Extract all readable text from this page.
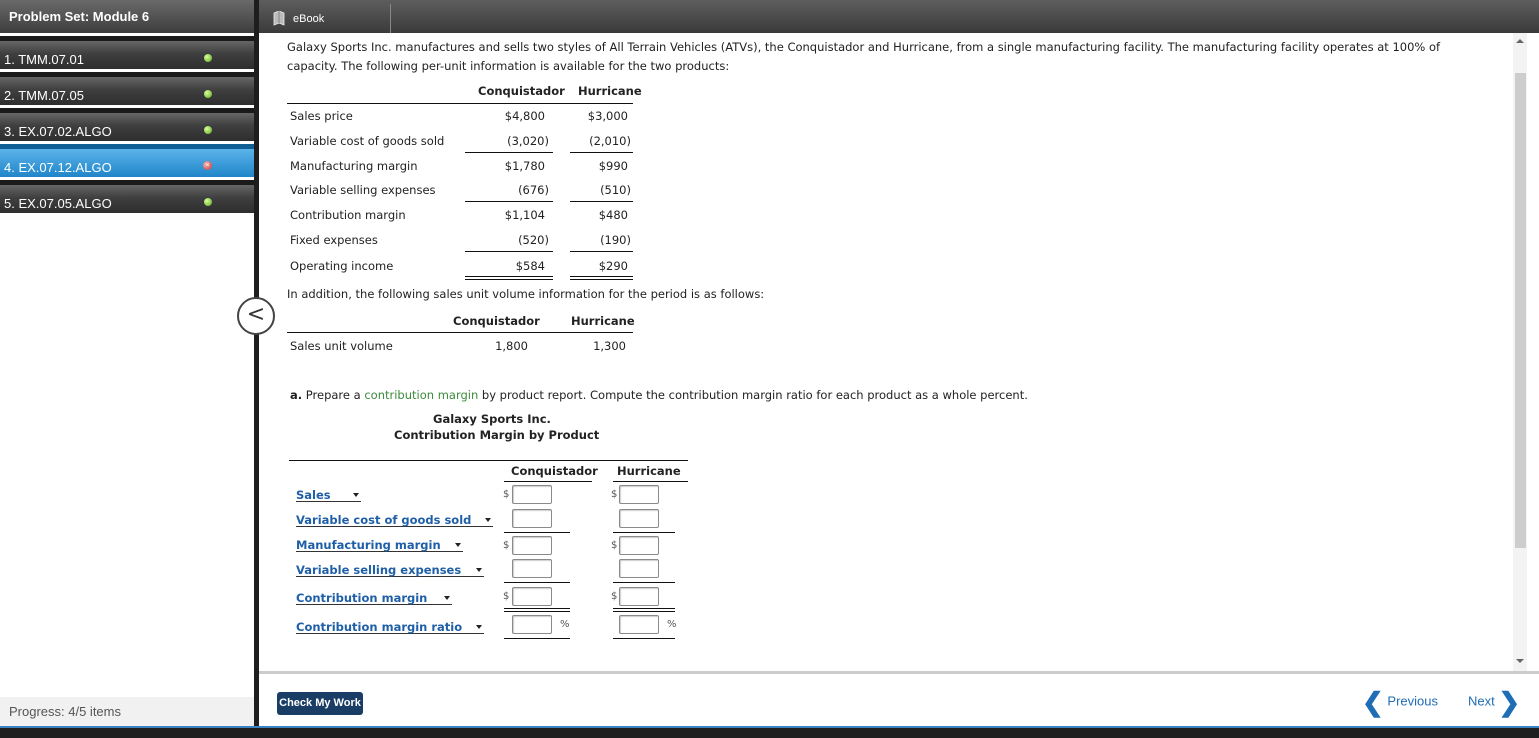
Problem Set: Module 6
1. TMM.07.01
2. TMM.07.05
3. EX.07.02.ALGO
4. EX.07.12.ALGO	×
5. EX.07.05.ALGO
Progress: 4/5 items
eBook
Galaxy Sports Inc. manufactures and sells two styles of All Terrain Vehicles (ATVs), the Conquistador and Hurricane, from a single manufacturing facility. The manufacturing facility operates at 100% of capacity. The following per-unit information is available for the two products:
Conquistador Hurricane
Sales price	$4,800	$3,000
Variable cost of goods sold	(3,020)	(2,010)
Manufacturing margin	$1,780	$990
Variable selling expenses	(676)	(510)
Contribution margin	$1,104	$480
Fixed expenses	(520)	(190)
Operating income	$584	$290
In addition, the following sales unit volume information for the period is as follows:
Conquistador	Hurricane
Sales unit volume	1,800	1,300
a. Prepare a contribution margin by product report. Compute the contribution margin ratio for each product as a whole percent.
Galaxy Sports Inc.
Contribution Margin by Product
Conquistador Hurricane
Sales	$	$
Variable cost of goods sold
Manufacturing margin	$	$
Variable selling expenses
Contribution margin	$	$
Contribution margin ratio	%	%
<
Check My Work	❮ Previous Next ❯
